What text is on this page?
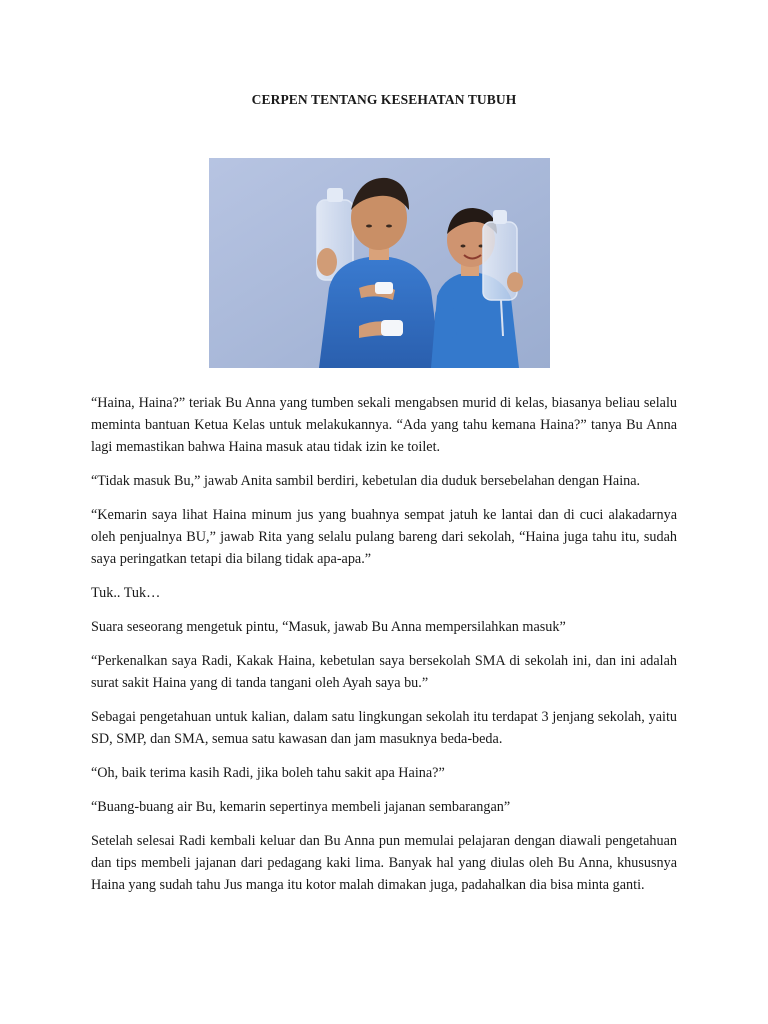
CERPEN TENTANG KESEHATAN TUBUH

“Haina, Haina?” teriak Bu Anna yang tumben sekali mengabsen murid di kelas, biasanya beliau selalu meminta bantuan Ketua Kelas untuk melakukannya. “Ada yang tahu kemana Haina?” tanya Bu Anna lagi memastikan bahwa Haina masuk atau tidak izin ke toilet.

“Tidak masuk Bu,” jawab Anita sambil berdiri, kebetulan dia duduk bersebelahan dengan Haina.

“Kemarin saya lihat Haina minum jus yang buahnya sempat jatuh ke lantai dan di cuci alakadarnya oleh penjualnya BU,” jawab Rita yang selalu pulang bareng dari sekolah, “Haina juga tahu itu, sudah saya peringatkan tetapi dia bilang tidak apa-apa.”

Tuk.. Tuk…

Suara seseorang mengetuk pintu, “Masuk, jawab Bu Anna mempersilahkan masuk”

“Perkenalkan saya Radi, Kakak Haina, kebetulan saya bersekolah SMA di sekolah ini, dan ini adalah surat sakit Haina yang di tanda tangani oleh Ayah saya bu.”

Sebagai pengetahuan untuk kalian, dalam satu lingkungan sekolah itu terdapat 3 jenjang sekolah, yaitu SD, SMP, dan SMA, semua satu kawasan dan jam masuknya beda-beda.

“Oh, baik terima kasih Radi, jika boleh tahu sakit apa Haina?”

“Buang-buang air Bu, kemarin sepertinya membeli jajanan sembarangan”

Setelah selesai Radi kembali keluar dan Bu Anna pun memulai pelajaran dengan diawali pengetahuan dan tips membeli jajanan dari pedagang kaki lima. Banyak hal yang diulas oleh Bu Anna, khususnya Haina yang sudah tahu Jus manga itu kotor malah dimakan juga, padahalkan dia bisa minta ganti.
